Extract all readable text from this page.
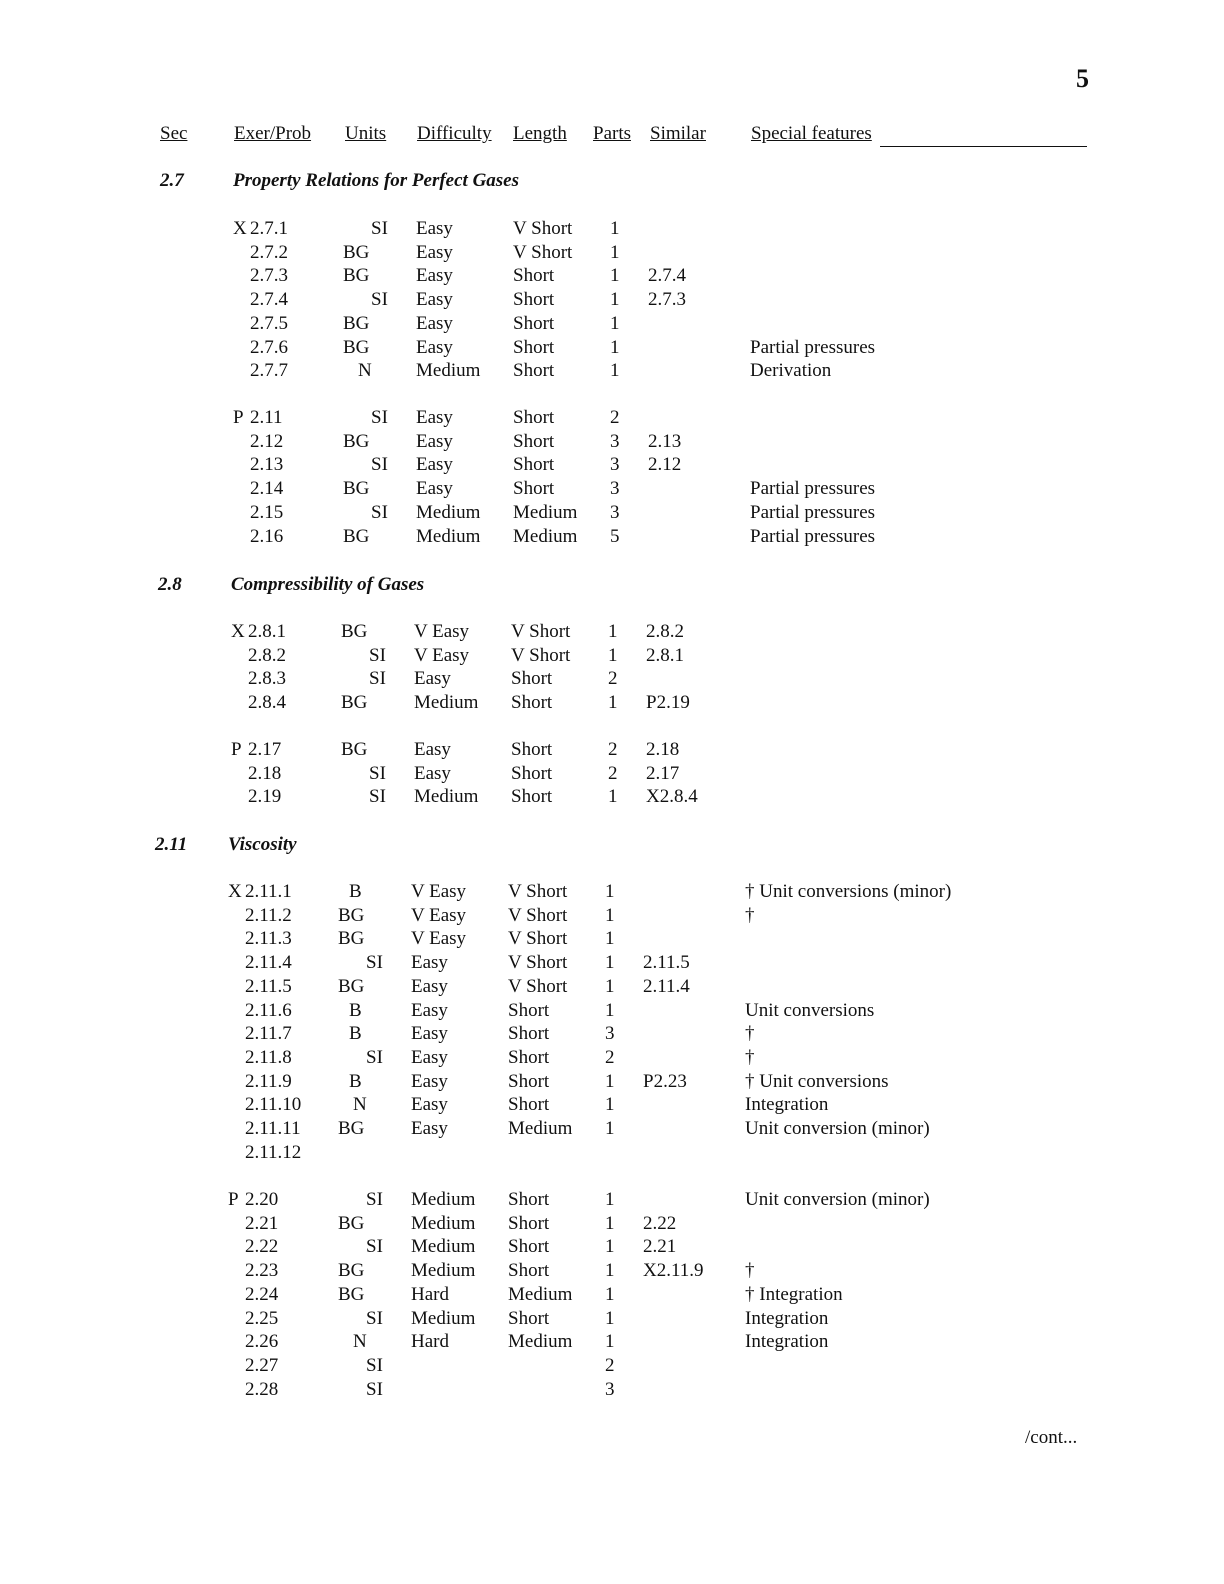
5
Sec Exer/Prob Units Difficulty Length Parts Similar Special features
2.7	Property Relations for Perfect Gases
X 2.7.1	SI Easy	V Short 1
2.7.2	BG Easy	V Short 1
2.7.3	BG Easy	Short	1 2.7.4
2.7.4	SI Easy	Short	1 2.7.3
2.7.5	BG Easy	Short	1
2.7.6	BG Easy	Short	1	Partial pressures
2.7.7	N Medium Short	1	Derivation
P 2.11	SI Easy	Short	2
2.12	BG Easy	Short	3 2.13
2.13	SI Easy	Short	3 2.12
2.14	BG Easy	Short	3	Partial pressures
2.15	SI Medium Medium 3	Partial pressures
2.16	BG Medium Medium 5	Partial pressures
2.8	Compressibility of Gases
X 2.8.1	BG V Easy V Short 1 2.8.2
2.8.2	SI V Easy V Short 1 2.8.1
2.8.3	SI Easy	Short	2
2.8.4	BG Medium Short	1 P2.19
P 2.17	BG Easy	Short	2 2.18
2.18	SI Easy	Short	2 2.17
2.19	SI Medium Short	1 X2.8.4
2.11 Viscosity
X 2.11.1	B	V Easy V Short 1	† Unit conversions (minor)
2.11.2 BG V Easy V Short 1	†
2.11.3 BG V Easy V Short 1
2.11.4	SI Easy	V Short 1 2.11.5
2.11.5 BG Easy	V Short 1 2.11.4
2.11.6	B	Easy	Short	1	Unit conversions
2.11.7	B	Easy	Short	3	†
2.11.8	SI Easy	Short	2	†
2.11.9	B	Easy	Short	1 P2.23	† Unit conversions
2.11.10	N Easy	Short	1	Integration
2.11.11 BG Easy	Medium 1	Unit conversion (minor)
2.11.12
P 2.20	SI Medium Short	1	Unit conversion (minor)
2.21	BG Medium Short	1 2.22
2.22	SI Medium Short	1 2.21
2.23	BG Medium Short	1 X2.11.9 †
2.24	BG Hard	Medium 1	† Integration
2.25	SI Medium Short	1	Integration
2.26	N Hard	Medium 1	Integration
2.27	SI	2
2.28	SI	3
/cont...
